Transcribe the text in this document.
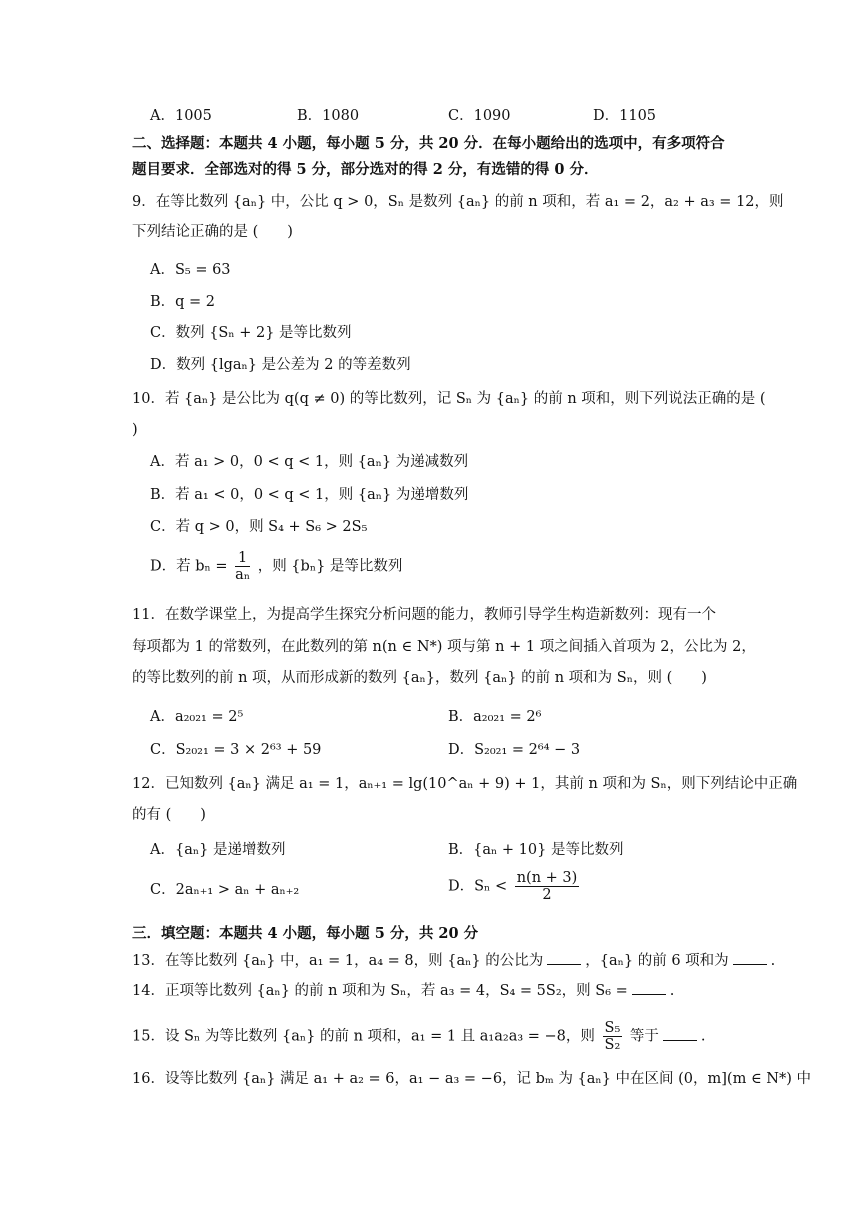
A．1005	B．1080	C．1090	D．1105
二、选择题：本题共 4 小题，每小题 5 分，共 20 分．在每小题给出的选项中，有多项符合
题目要求．全部选对的得 5 分，部分选对的得 2 分，有选错的得 0 分．
9．在等比数列 {aₙ} 中，公比 q > 0，Sₙ 是数列 {aₙ} 的前 n 项和，若 a₁ = 2，a₂ + a₃ = 12，则
下列结论正确的是 (　　)
A．S₅ = 63
B．q = 2
C．数列 {Sₙ + 2} 是等比数列
D．数列 {lgaₙ} 是公差为 2 的等差数列
10．若 {aₙ} 是公比为 q(q ≠ 0) 的等比数列，记 Sₙ 为 {aₙ} 的前 n 项和，则下列说法正确的是 (
)
A．若 a₁ > 0，0 < q < 1，则 {aₙ} 为递减数列
B．若 a₁ < 0，0 < q < 1，则 {aₙ} 为递增数列
C．若 q > 0，则 S₄ + S₆ > 2S₅
D．若 $b_n = \frac{1}{\text{aₙ}}$ ，则 {bₙ} 是等比数列
11．在数学课堂上，为提高学生探究分析问题的能力，教师引导学生构造新数列：现有一个
每项都为 1 的常数列，在此数列的第 n(n ∈ N*) 项与第 n + 1 项之间插入首项为 2，公比为 2，
的等比数列的前 n 项，从而形成新的数列 {aₙ}，数列 {aₙ} 的前 n 项和为 Sₙ，则 (　　)
A．a₂₀₂₁ = 2⁵	B．a₂₀₂₁ = 2⁶
C．S₂₀₂₁ = 3 × 2⁶³ + 59	D．S₂₀₂₁ = 2⁶⁴ − 3
12．已知数列 {aₙ} 满足 a₁ = 1，aₙ₊₁ = lg(10^aₙ + 9) + 1，其前 n 项和为 Sₙ，则下列结论中正确
的有 (　　)
A．{aₙ} 是递增数列	B．{aₙ + 10} 是等比数列
C．2aₙ₊₁ > aₙ + aₙ₊₂	D．$S_n < \frac{n(n + 3)}{2}$
三．填空题：本题共 4 小题，每小题 5 分，共 20 分
13．在等比数列 {aₙ} 中，a₁ = 1，a₄ = 8，则 {aₙ} 的公比为	，{aₙ} 的前 6 项和为	.
14．正项等比数列 {aₙ} 的前 n 项和为 Sₙ，若 a₃ = 4，S₄ = 5S₂，则 S₆ =	.
15．设 Sₙ 为等比数列 {aₙ} 的前 n 项和，a₁ = 1 且 a₁a₂a₃ = −8，则 $\frac{\text{S₅}}{\text{S₂}}$ 等于	.
16．设等比数列 {aₙ} 满足 a₁ + a₂ = 6，a₁ − a₃ = −6，记 bₘ 为 {aₙ} 中在区间 (0，m](m ∈ N*) 中
